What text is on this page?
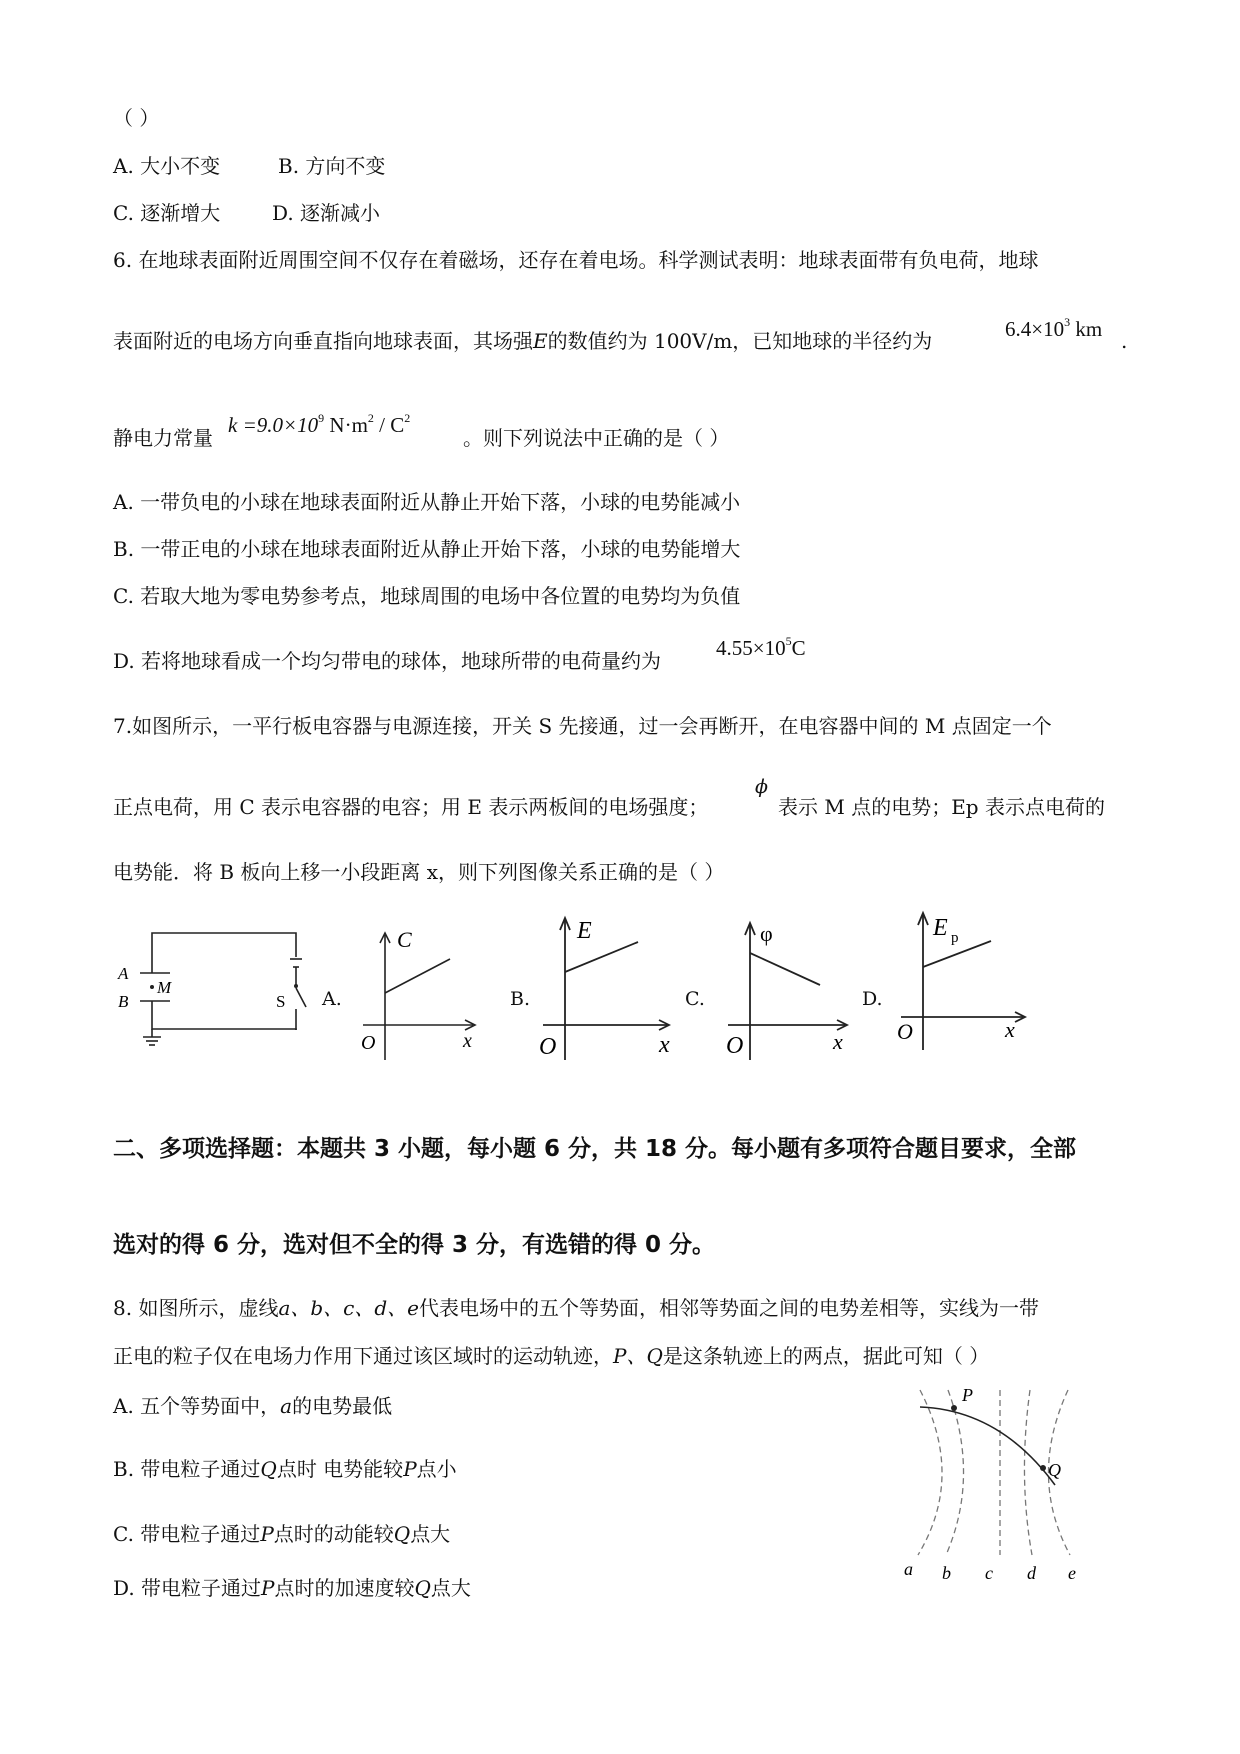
（ ）
A. 大小不变	B. 方向不变
C. 逐渐增大	D. 逐渐减小
6. 在地球表面附近周围空间不仅存在着磁场，还存在着电场。科学测试表明：地球表面带有负电荷，地球
表面附近的电场方向垂直指向地球表面，其场强E的数值约为 100V/m，已知地球的半径约为	$6.4\times 10^3$ km .
静电力常量
$k =9.0\times 10^9$ $N\cdot m^2 / C^2$
。则下列说法中正确的是（ ）
A. 一带负电的小球在地球表面附近从静止开始下落，小球的电势能减小
B. 一带正电的小球在地球表面附近从静止开始下落，小球的电势能增大
C. 若取大地为零电势参考点，地球周围的电场中各位置的电势均为负值
D. 若将地球看成一个均匀带电的球体，地球所带的电荷量约为
$4.55\times 10^5C$
7.如图所示，一平行板电容器与电源连接，开关 S 先接通，过一会再断开，在电容器中间的 M 点固定一个
正点电荷，用 C 表示电容器的电容；用 E 表示两板间的电场强度；
ϕ
表示 M 点的电势；Ep 表示点电荷的
电势能．将 B 板向上移一小段距离 x，则下列图像关系正确的是（ ）
A
B
M
S A.
C
O	x
B.
E
O	x
C.
φ
O	x
D.
E p
O	x
二、多项选择题：本题共 3 小题，每小题 6 分，共 18 分。每小题有多项符合题目要求，全部
选对的得 6 分，选对但不全的得 3 分，有选错的得 0 分。
8. 如图所示，虚线a、b、c、d、e代表电场中的五个等势面，相邻等势面之间的电势差相等，实线为一带
正电的粒子仅在电场力作用下通过该区域时的运动轨迹，P、Q是这条轨迹上的两点，据此可知（ ）
A. 五个等势面中，a的电势最低
B. 带电粒子通过Q点时 电势能较P点小
C. 带电粒子通过P点时的动能较Q点大
D. 带电粒子通过P点时的加速度较Q点大
P
Q
a b c d e
